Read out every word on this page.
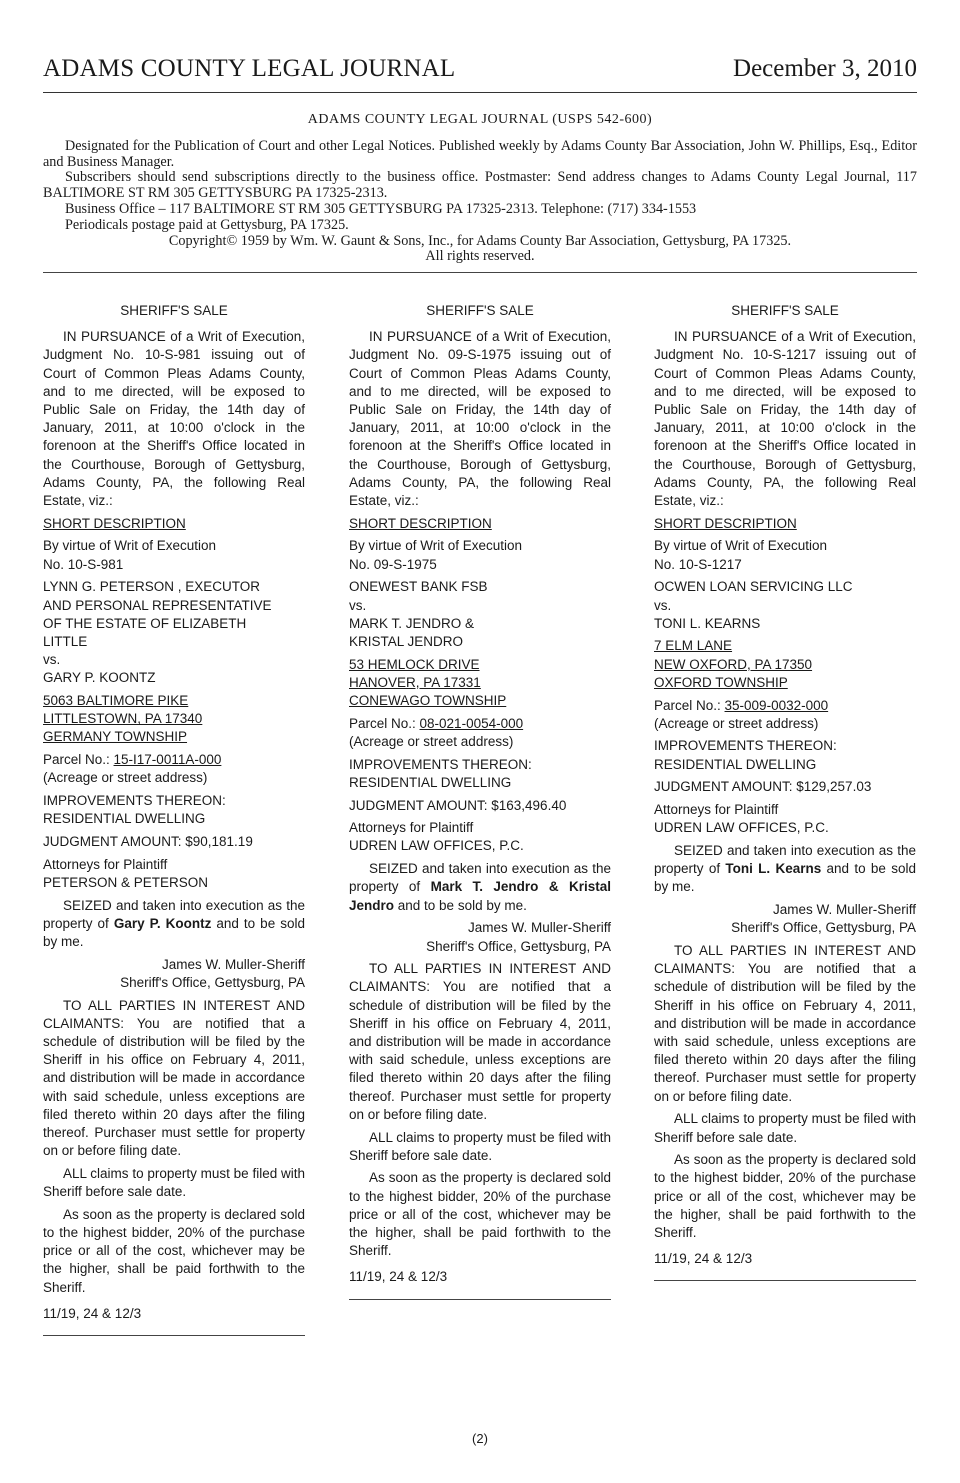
ADAMS COUNTY LEGAL JOURNAL	December 3, 2010
ADAMS COUNTY LEGAL JOURNAL (USPS 542-600)
Designated for the Publication of Court and other Legal Notices. Published weekly by Adams County Bar Association, John W. Phillips, Esq., Editor and Business Manager.
Subscribers should send subscriptions directly to the business office. Postmaster: Send address changes to Adams County Legal Journal, 117 BALTIMORE ST RM 305 GETTYSBURG PA 17325-2313.
Business Office – 117 BALTIMORE ST RM 305 GETTYSBURG PA 17325-2313. Telephone: (717) 334-1553
Periodicals postage paid at Gettysburg, PA 17325.
Copyright© 1959 by Wm. W. Gaunt & Sons, Inc., for Adams County Bar Association, Gettysburg, PA 17325.
All rights reserved.

SHERIFF'S SALE

IN PURSUANCE of a Writ of Execution, Judgment No. 10-S-981 issuing out of Court of Common Pleas Adams County, and to me directed, will be exposed to Public Sale on Friday, the 14th day of January, 2011, at 10:00 o'clock in the forenoon at the Sheriff's Office located in the Courthouse, Borough of Gettysburg, Adams County, PA, the following Real Estate, viz.:

SHORT DESCRIPTION

By virtue of Writ of Execution
No. 10-S-981

LYNN G. PETERSON , EXECUTOR
AND PERSONAL REPRESENTATIVE
OF THE ESTATE OF ELIZABETH
LITTLE
vs.
GARY P. KOONTZ

5063 BALTIMORE PIKE
LITTLESTOWN, PA 17340
GERMANY TOWNSHIP

Parcel No.: 15-I17-0011A-000
(Acreage or street address)

IMPROVEMENTS THEREON:
RESIDENTIAL DWELLING

JUDGMENT AMOUNT: $90,181.19

Attorneys for Plaintiff
PETERSON & PETERSON

SEIZED and taken into execution as the property of Gary P. Koontz and to be sold by me.

James W. Muller-Sheriff
Sheriff's Office, Gettysburg, PA

TO ALL PARTIES IN INTEREST AND CLAIMANTS: You are notified that a schedule of distribution will be filed by the Sheriff in his office on February 4, 2011, and distribution will be made in accordance with said schedule, unless exceptions are filed thereto within 20 days after the filing thereof. Purchaser must settle for property on or before filing date.

ALL claims to property must be filed with Sheriff before sale date.

As soon as the property is declared sold to the highest bidder, 20% of the purchase price or all of the cost, whichever may be the higher, shall be paid forthwith to the Sheriff.

11/19, 24 & 12/3

SHERIFF'S SALE

IN PURSUANCE of a Writ of Execution, Judgment No. 09-S-1975 issuing out of Court of Common Pleas Adams County, and to me directed, will be exposed to Public Sale on Friday, the 14th day of January, 2011, at 10:00 o'clock in the forenoon at the Sheriff's Office located in the Courthouse, Borough of Gettysburg, Adams County, PA, the following Real Estate, viz.:

SHORT DESCRIPTION

By virtue of Writ of Execution
No. 09-S-1975

ONEWEST BANK FSB
vs.
MARK T. JENDRO &
KRISTAL JENDRO

53 HEMLOCK DRIVE
HANOVER, PA 17331
CONEWAGO TOWNSHIP

Parcel No.: 08-021-0054-000
(Acreage or street address)

IMPROVEMENTS THEREON:
RESIDENTIAL DWELLING

JUDGMENT AMOUNT: $163,496.40

Attorneys for Plaintiff
UDREN LAW OFFICES, P.C.

SEIZED and taken into execution as the property of Mark T. Jendro & Kristal Jendro and to be sold by me.

James W. Muller-Sheriff
Sheriff's Office, Gettysburg, PA

TO ALL PARTIES IN INTEREST AND CLAIMANTS: You are notified that a schedule of distribution will be filed by the Sheriff in his office on February 4, 2011, and distribution will be made in accordance with said schedule, unless exceptions are filed thereto within 20 days after the filing thereof. Purchaser must settle for property on or before filing date.

ALL claims to property must be filed with Sheriff before sale date.

As soon as the property is declared sold to the highest bidder, 20% of the purchase price or all of the cost, whichever may be the higher, shall be paid forthwith to the Sheriff.

11/19, 24 & 12/3

SHERIFF'S SALE

IN PURSUANCE of a Writ of Execution, Judgment No. 10-S-1217 issuing out of Court of Common Pleas Adams County, and to me directed, will be exposed to Public Sale on Friday, the 14th day of January, 2011, at 10:00 o'clock in the forenoon at the Sheriff's Office located in the Courthouse, Borough of Gettysburg, Adams County, PA, the following Real Estate, viz.:

SHORT DESCRIPTION

By virtue of Writ of Execution
No. 10-S-1217

OCWEN LOAN SERVICING LLC
vs.
TONI L. KEARNS

7 ELM LANE
NEW OXFORD, PA 17350
OXFORD TOWNSHIP

Parcel No.: 35-009-0032-000
(Acreage or street address)

IMPROVEMENTS THEREON:
RESIDENTIAL DWELLING

JUDGMENT AMOUNT: $129,257.03

Attorneys for Plaintiff
UDREN LAW OFFICES, P.C.

SEIZED and taken into execution as the property of Toni L. Kearns and to be sold by me.

James W. Muller-Sheriff
Sheriff's Office, Gettysburg, PA

TO ALL PARTIES IN INTEREST AND CLAIMANTS: You are notified that a schedule of distribution will be filed by the Sheriff in his office on February 4, 2011, and distribution will be made in accordance with said schedule, unless exceptions are filed thereto within 20 days after the filing thereof. Purchaser must settle for property on or before filing date.

ALL claims to property must be filed with Sheriff before sale date.

As soon as the property is declared sold to the highest bidder, 20% of the purchase price or all of the cost, whichever may be the higher, shall be paid forthwith to the Sheriff.

11/19, 24 & 12/3

(2)
